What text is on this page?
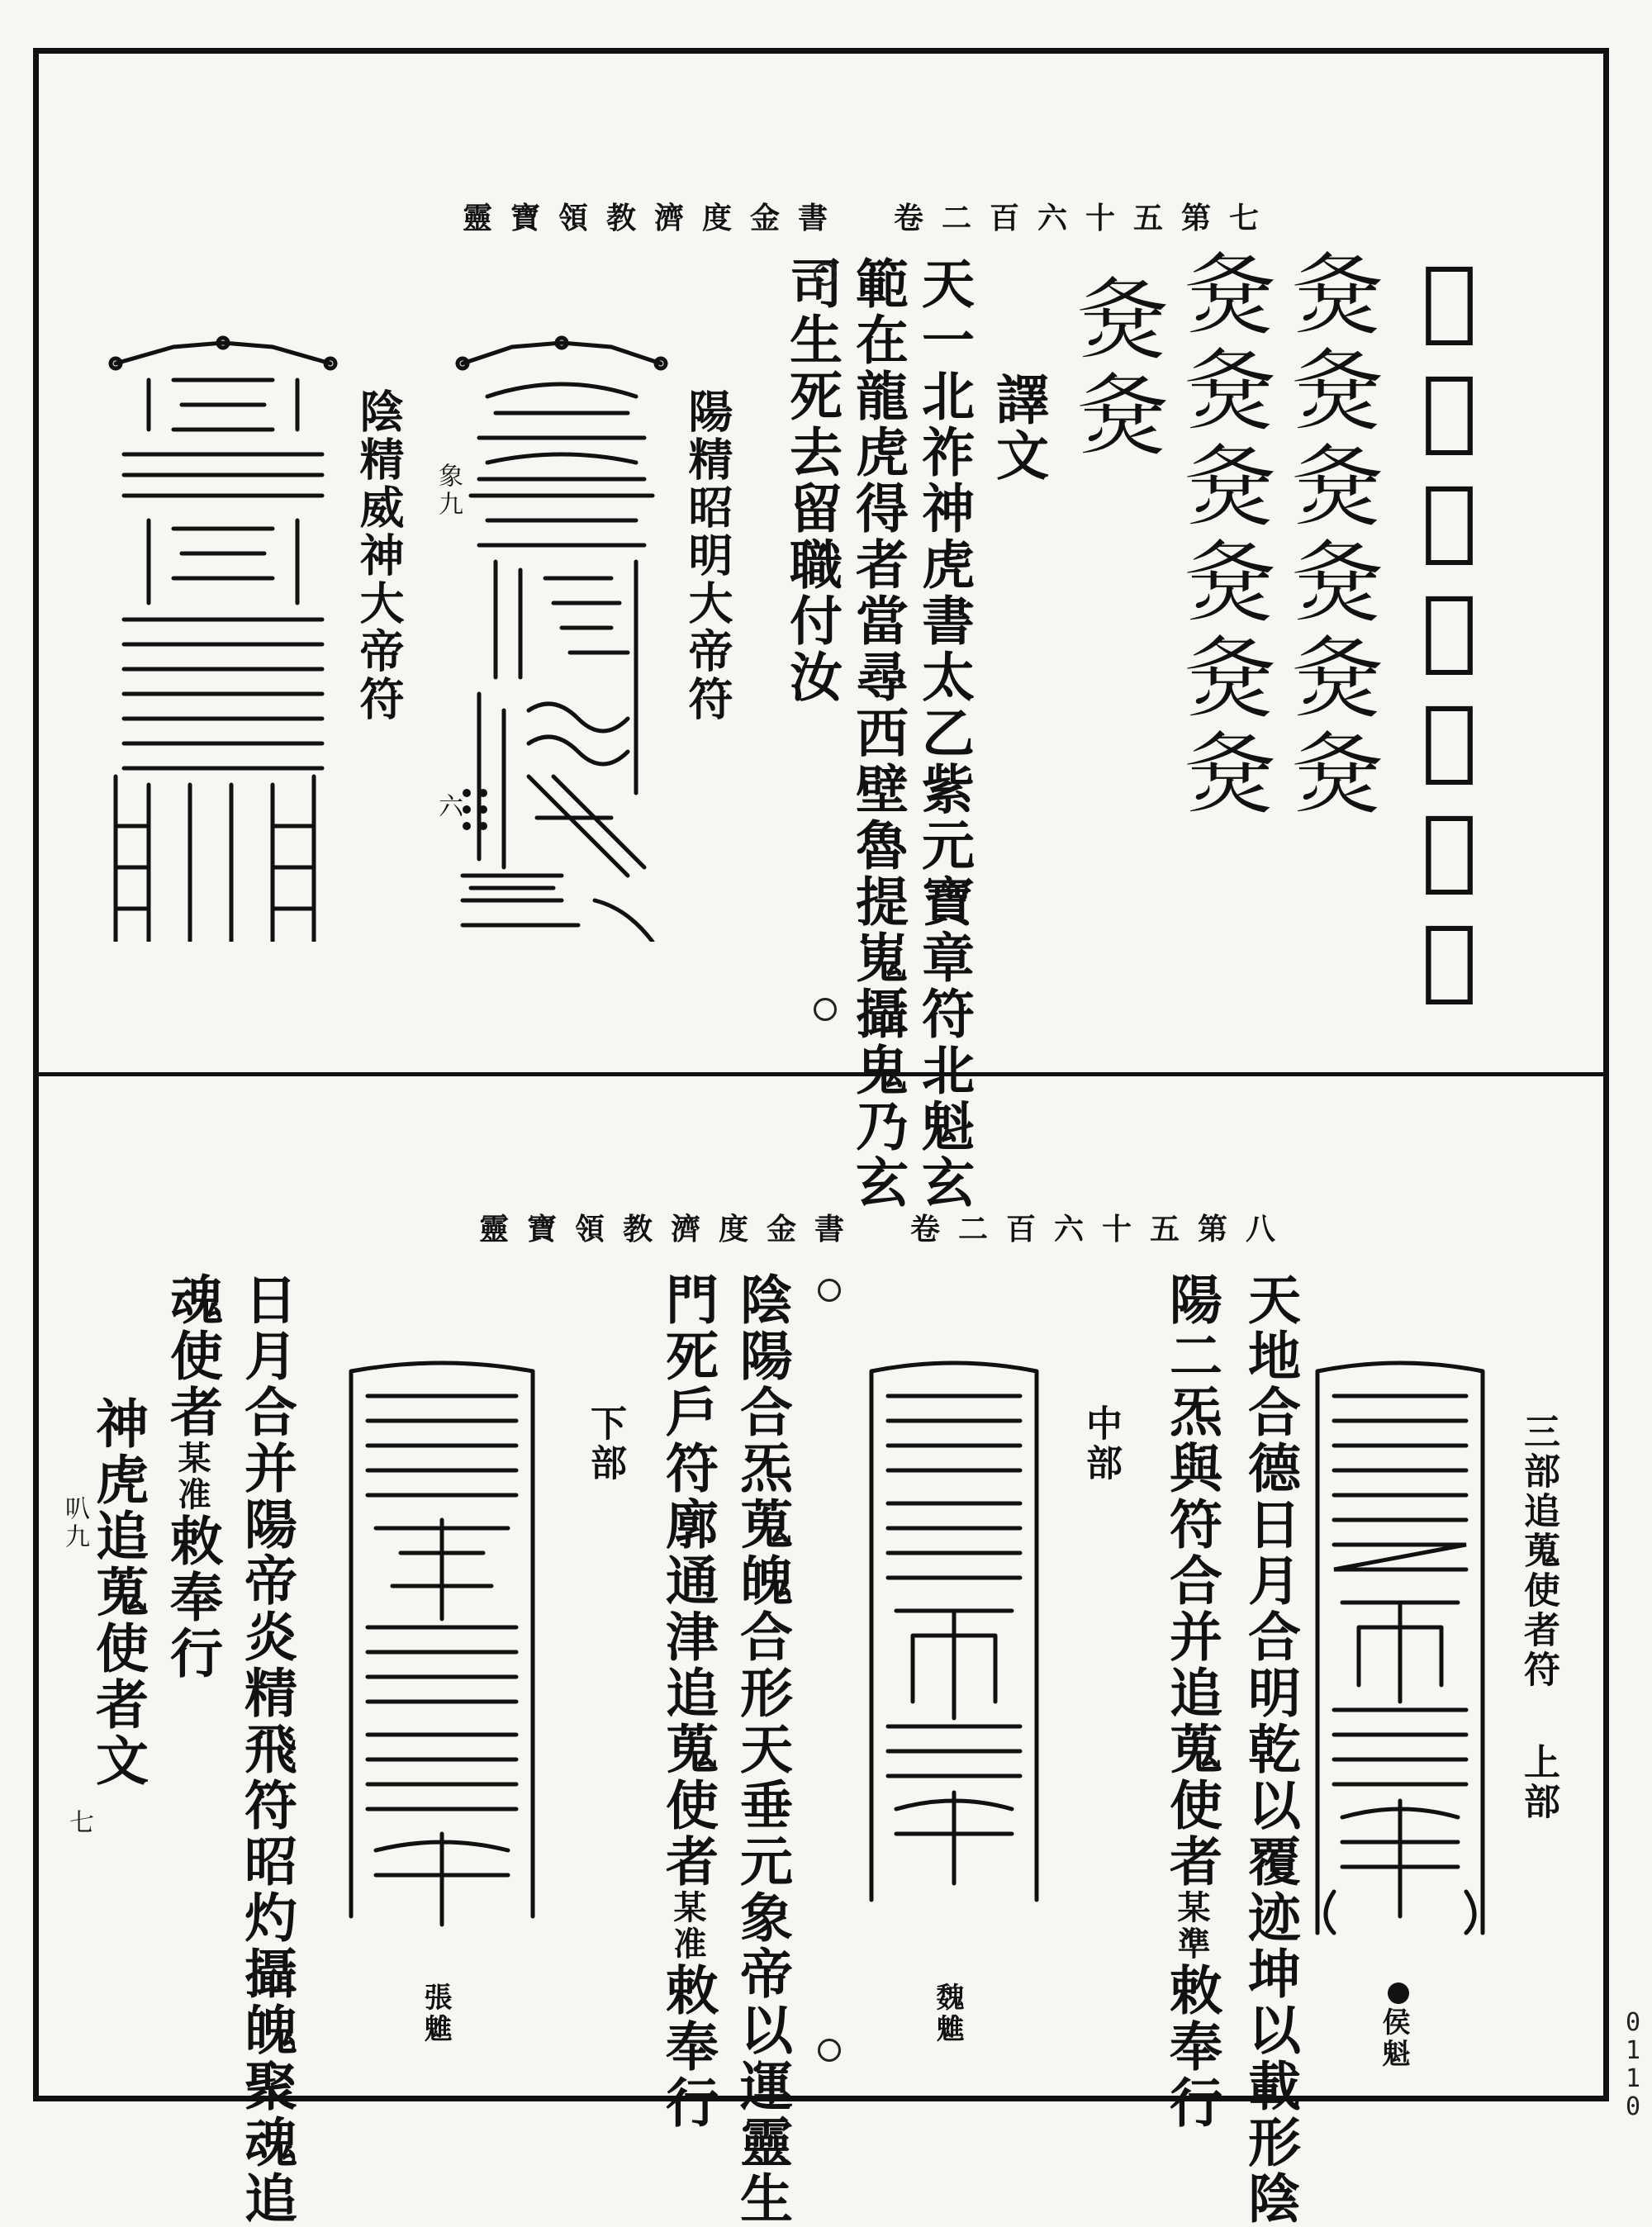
0110
靈寶領教濟度金書　卷二百六十五第七
𠐝𡆥𡕛𡕛𡕛𡕛𡕛
𡕛𡕛𡕛𡕛𡕛𡕛
𡕛𡕛𡕛𡕛𡕛𡕛
𡕛𡕛
譯文
天一北祚神虎書太乙紫元寶章符北魁玄
範在龍虎得者當尋西壁魯提嵬攝鬼乃玄
司生死去留職付汝
陽精昭明大帝符
陰精威神大帝符 象九
六
靈寶領教濟度金書　卷二百六十五第八
三部追蒐使者符
上部
侯魁
天地合德日月合明乾以覆迹坤以載形陰
陽二炁與符合并追蒐使者某準敕奉行
中部
魏魋
陰陽合炁蒐魄合形天垂元象帝以運靈生
門死戶符廓通津追蒐使者某准敕奉行
下部
張魋
日月合并陽帝炎精飛符昭灼攝魄聚魂追
魂使者某准敕奉行
神虎追蒐使者文
叭九
七
